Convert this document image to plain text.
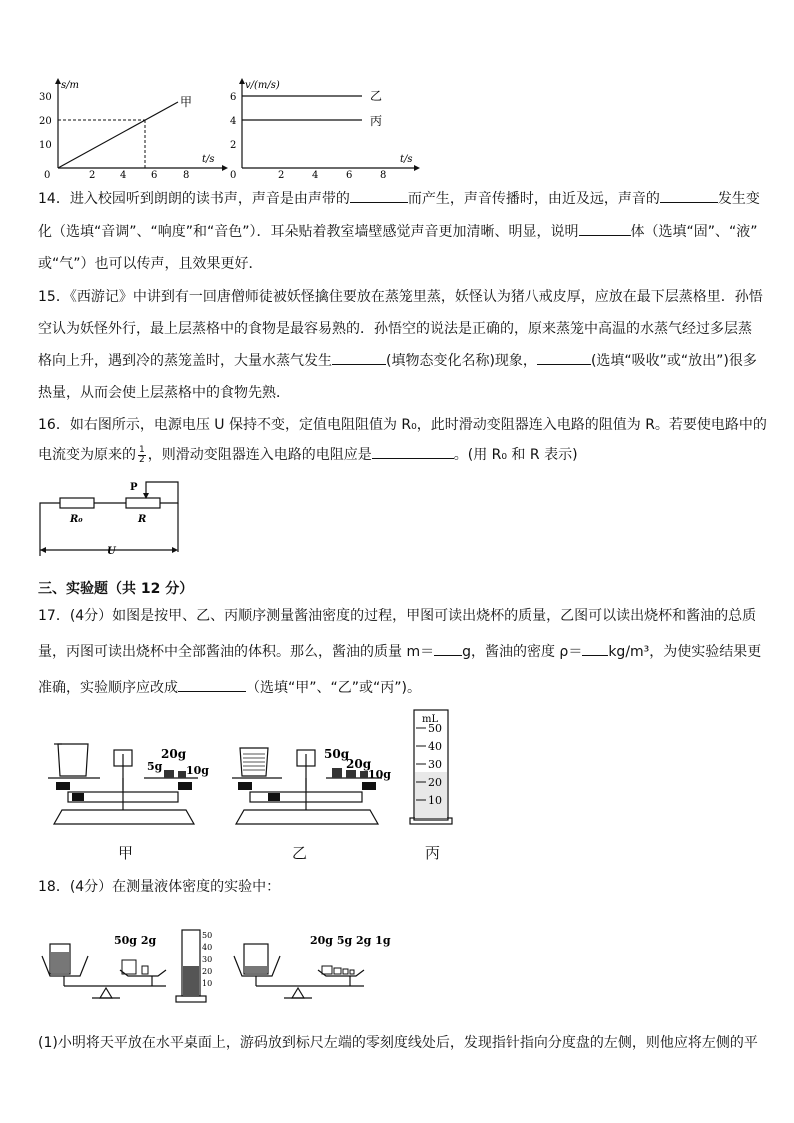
s/m
t/s
30
20
10
0	2 4 6	8
甲
v/(m/s)
t/s
6
4
2
0	2	4	6	8
乙
丙
14．进入校园听到朗朗的读书声，声音是由声带的	而产生，声音传播时，由近及远，声音的	发生变
化（选填“音调”、“响度”和“音色”）．耳朵贴着教室墙壁感觉声音更加清晰、明显，说明	体（选填“固”、“液”
或“气”）也可以传声，且效果更好．
15．《西游记》中讲到有一回唐僧师徒被妖怪擒住要放在蒸笼里蒸，妖怪认为猪八戒皮厚，应放在最下层蒸格里．孙悟
空认为妖怪外行，最上层蒸格中的食物是最容易熟的．孙悟空的说法是正确的，原来蒸笼中高温的水蒸气经过多层蒸
格向上升，遇到冷的蒸笼盖时，大量水蒸气发生	(填物态变化名称)现象，	(选填“吸收”或“放出”)很多
热量，从而会使上层蒸格中的食物先熟．
16．如右图所示，电源电压 U 保持不变，定值电阻阻值为 R₀，此时滑动变阻器连入电路的阻值为 R。若要使电路中的
电流变为原来的 $\frac{1}{2}$ ，则滑动变阻器连入电路的电阻应是	。(用 R₀ 和 R 表示)
P
R₀	R
U
三、实验题（共 12 分）
17．(4分）如图是按甲、乙、丙顺序测量酱油密度的过程，甲图可读出烧杯的质量，乙图可以读出烧杯和酱油的总质
量，丙图可读出烧杯中全部酱油的体积。那么，酱油的质量 m＝ g，酱油的密度 ρ＝ kg/m³，为使实验结果更
准确，实验顺序应改成	（选填“甲”、“乙”或“丙”)。
5g
20g
10g
甲
50g
20g
10g
乙
mL
50
40
30
20
10
丙
18．(4分）在测量液体密度的实验中：
50g 2g	50
40
30
20
10
20g 5g 2g 1g
(1)小明将天平放在水平桌面上，游码放到标尺左端的零刻度线处后，发现指针指向分度盘的左侧，则他应将左侧的平
